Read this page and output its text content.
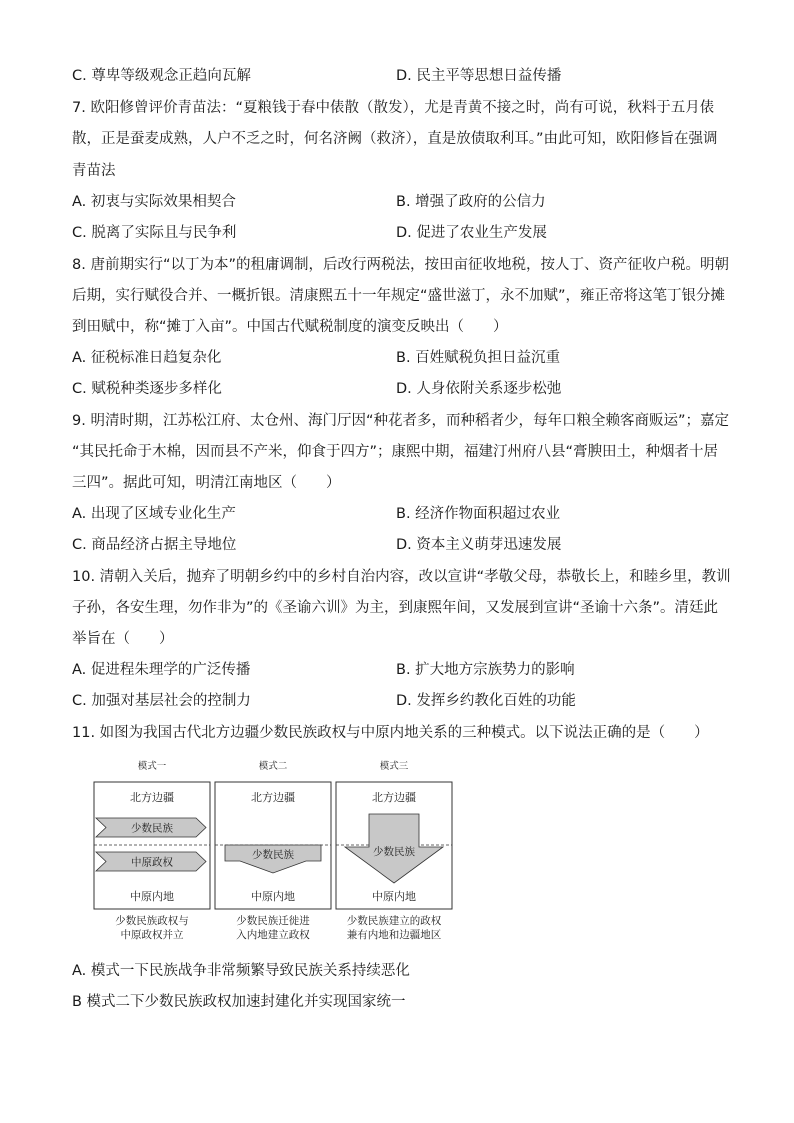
C. 尊卑等级观念正趋向瓦解	D. 民主平等思想日益传播
7. 欧阳修曾评价青苗法：“夏粮钱于春中俵散（散发），尤是青黄不接之时，尚有可说，秋料于五月俵
散，正是蚕麦成熟，人户不乏之时，何名济阙（救济），直是放债取利耳。”由此可知，欧阳修旨在强调
青苗法
A. 初衷与实际效果相契合	B. 增强了政府的公信力
C. 脱离了实际且与民争利	D. 促进了农业生产发展
8. 唐前期实行“以丁为本”的租庸调制，后改行两税法，按田亩征收地税，按人丁、资产征收户税。明朝
后期，实行赋役合并、一概折银。清康熙五十一年规定“盛世滋丁，永不加赋”，雍正帝将这笔丁银分摊
到田赋中，称“摊丁入亩”。中国古代赋税制度的演变反映出（　　）
A. 征税标准日趋复杂化	B. 百姓赋税负担日益沉重
C. 赋税种类逐步多样化	D. 人身依附关系逐步松弛
9. 明清时期，江苏松江府、太仓州、海门厅因“种花者多，而种稻者少，每年口粮全赖客商贩运”；嘉定
“其民托命于木棉，因而县不产米，仰食于四方”；康熙中期，福建汀州府八县“膏腴田土，种烟者十居
三四”。据此可知，明清江南地区（　　）
A. 出现了区域专业化生产	B. 经济作物面积超过农业
C. 商品经济占据主导地位	D. 资本主义萌芽迅速发展
10. 清朝入关后，抛弃了明朝乡约中的乡村自治内容，改以宣讲“孝敬父母，恭敬长上，和睦乡里，教训
子孙，各安生理，勿作非为”的《圣谕六训》为主，到康熙年间，又发展到宣讲“圣谕十六条”。清廷此
举旨在（　　）
A. 促进程朱理学的广泛传播	B. 扩大地方宗族势力的影响
C. 加强对基层社会的控制力	D. 发挥乡约教化百姓的功能
11. 如图为我国古代北方边疆少数民族政权与中原内地关系的三种模式。以下说法正确的是（　　）
模式一	模式二	模式三
北方边疆
少数民族
中原政权
中原内地
北方边疆
少数民族
中原内地
北方边疆
少数民族
中原内地
少数民族政权与
中原政权并立
少数民族迁徙进
入内地建立政权
少数民族建立的政权
兼有内地和边疆地区
A. 模式一下民族战争非常频繁导致民族关系持续恶化
B 模式二下少数民族政权加速封建化并实现国家统一
